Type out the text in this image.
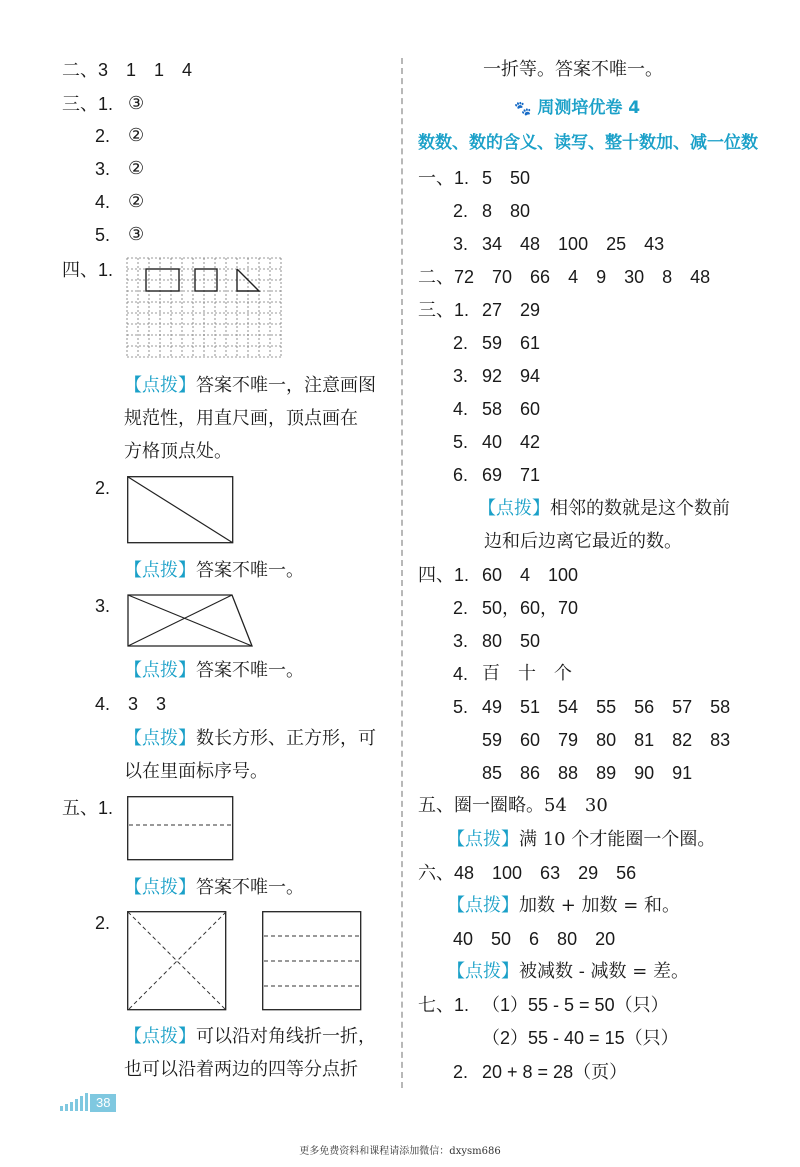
二、3　1　1　4
三、1. ③
2. ②
3. ②
4. ②
5. ③
四、1.
【点拨】答案不唯一，注意画图
规范性，用直尺画，顶点画在
方格顶点处。
2.
【点拨】答案不唯一。
3.
【点拨】答案不唯一。
4. 3　3
【点拨】数长方形、正方形，可
以在里面标序号。
五、1.
【点拨】答案不唯一。
2.
【点拨】可以沿对角线折一折，
也可以沿着两边的四等分点折
一折等。答案不唯一。
🐾 周测培优卷 4
数数、数的含义、读写、整十数加、减一位数
一、1. 5　50
2. 8　80
3. 34　48　100　25　43
二、72　70　66　4　9　30　8　48
三、1. 27　29
2. 59　61
3. 92　94
4. 58　60
5. 40　42
6. 69　71
【点拨】相邻的数就是这个数前
边和后边离它最近的数。
四、1. 60　4　100
2. 50，60，70
3. 80　50
4. 百　十　个
5. 49　51　54　55　56　57　58
59　60　79　80　81　82　83
85　86　88　89　90　91
五、圈一圈略。54　30
【点拨】满 10 个才能圈一个圈。
六、48　100　63　29　56
【点拨】加数 + 加数 = 和。
40　50　6　80　20
【点拨】被减数 - 减数 = 差。
七、1. （1）55 - 5 = 50（只）
（2）55 - 40 = 15（只）
2. 20 + 8 = 28（页）
38
更多免费资料和课程请添加微信：dxysm686
